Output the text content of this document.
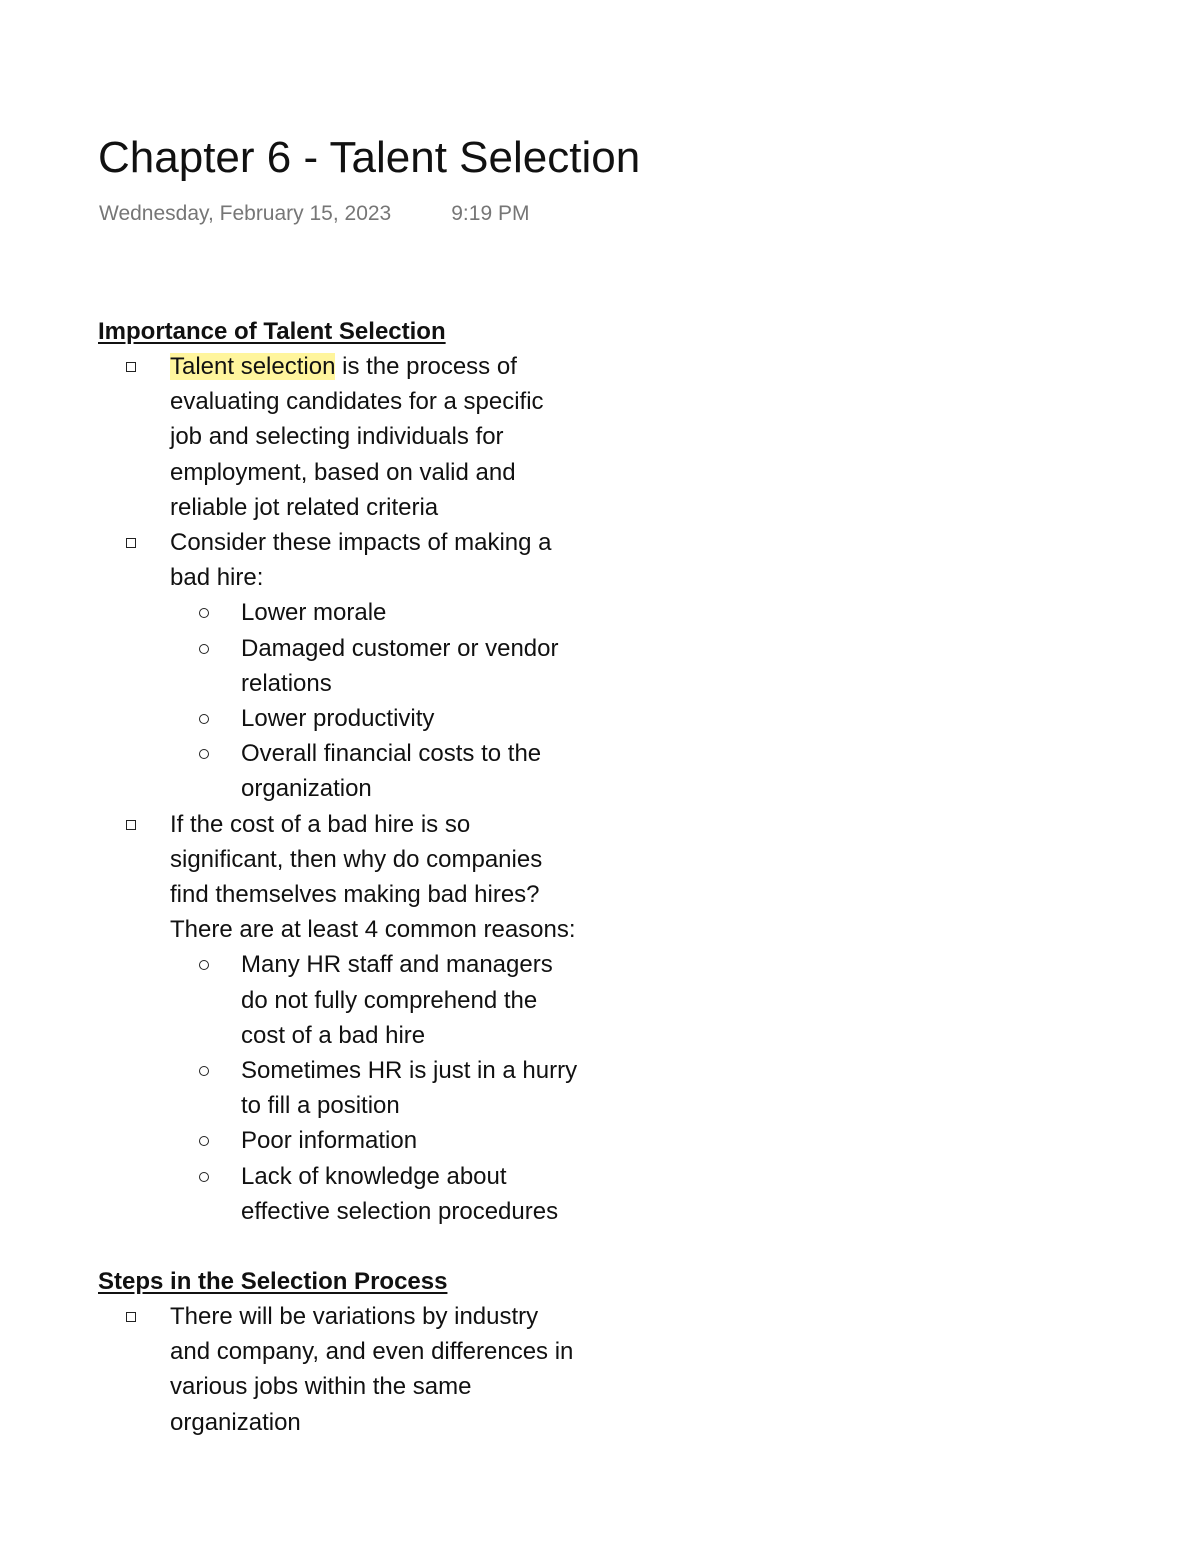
Chapter 6 - Talent Selection
Wednesday, February 15, 2023	9:19 PM
Importance of Talent Selection
Talent selection is the process of evaluating candidates for a specific job and selecting individuals for employment, based on valid and reliable jot related criteria
Consider these impacts of making a bad hire:
Lower morale
Damaged customer or vendor relations
Lower productivity
Overall financial costs to the organization
If the cost of a bad hire is so significant, then why do companies find themselves making bad hires? There are at least 4 common reasons:
Many HR staff and managers do not fully comprehend the cost of a bad hire
Sometimes HR is just in a hurry to fill a position
Poor information
Lack of knowledge about effective selection procedures
Steps in the Selection Process
There will be variations by industry and company, and even differences in various jobs within the same organization
